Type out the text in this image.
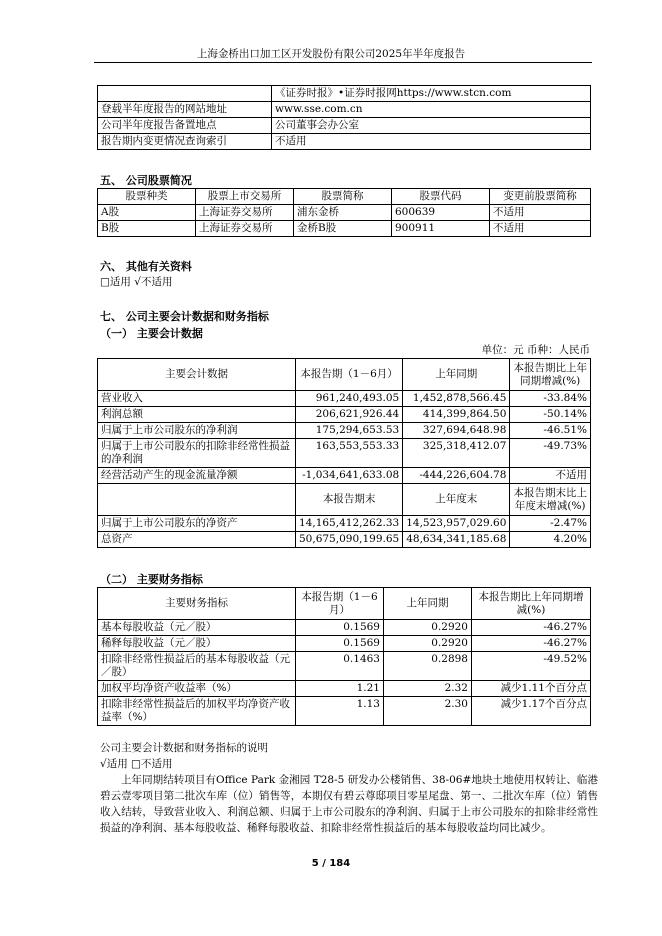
上海金桥出口加工区开发股份有限公司2025年半年度报告
	《证券时报》•证券时报网https://www.stcn.com
登载半年度报告的网站地址	www.sse.com.cn
公司半年度报告备置地点	公司董事会办公室
报告期内变更情况查询索引	不适用
五、 公司股票简况
股票种类	股票上市交易所	股票简称	股票代码	变更前股票简称
A股	上海证券交易所	浦东金桥	600639	不适用
B股	上海证券交易所	金桥B股	900911	不适用
六、 其他有关资料
□适用 √不适用
七、 公司主要会计数据和财务指标
（一） 主要会计数据
单位：元 币种：人民币
主要会计数据	本报告期（1－6月）	上年同期	本报告期比上年同期增减(%)
营业收入	961,240,493.05	1,452,878,566.45	-33.84%
利润总额	206,621,926.44	414,399,864.50	-50.14%
归属于上市公司股东的净利润	175,294,653.53	327,694,648.98	-46.51%
归属于上市公司股东的扣除非经常性损益的净利润	163,553,553.33	325,318,412.07	-49.73%
经营活动产生的现金流量净额	-1,034,641,633.08	-444,226,604.78	不适用
	本报告期末	上年度末	本报告期末比上年度末增减(%)
归属于上市公司股东的净资产	14,165,412,262.33	14,523,957,029.60	-2.47%
总资产	50,675,090,199.65	48,634,341,185.68	4.20%
（二） 主要财务指标
主要财务指标	本报告期（1－6月）	上年同期	本报告期比上年同期增减(%)
基本每股收益（元／股）	0.1569	0.2920	-46.27%
稀释每股收益（元／股）	0.1569	0.2920	-46.27%
扣除非经常性损益后的基本每股收益（元／股）	0.1463	0.2898	-49.52%
加权平均净资产收益率（%）	1.21	2.32	减少1.11个百分点
扣除非经常性损益后的加权平均净资产收益率（%）	1.13	2.30	减少1.17个百分点
公司主要会计数据和财务指标的说明
√适用 □不适用
上年同期结转项目有Office Park 金湘园 T28-5 研发办公楼销售、38-06#地块土地使用权转让、临港碧云壹零项目第二批次车库（位）销售等，本期仅有碧云尊邸项目零星尾盘、第一、二批次车库（位）销售收入结转，导致营业收入、利润总额、归属于上市公司股东的净利润、归属于上市公司股东的扣除非经常性损益的净利润、基本每股收益、稀释每股收益、扣除非经常性损益后的基本每股收益均同比减少。
5 / 184
